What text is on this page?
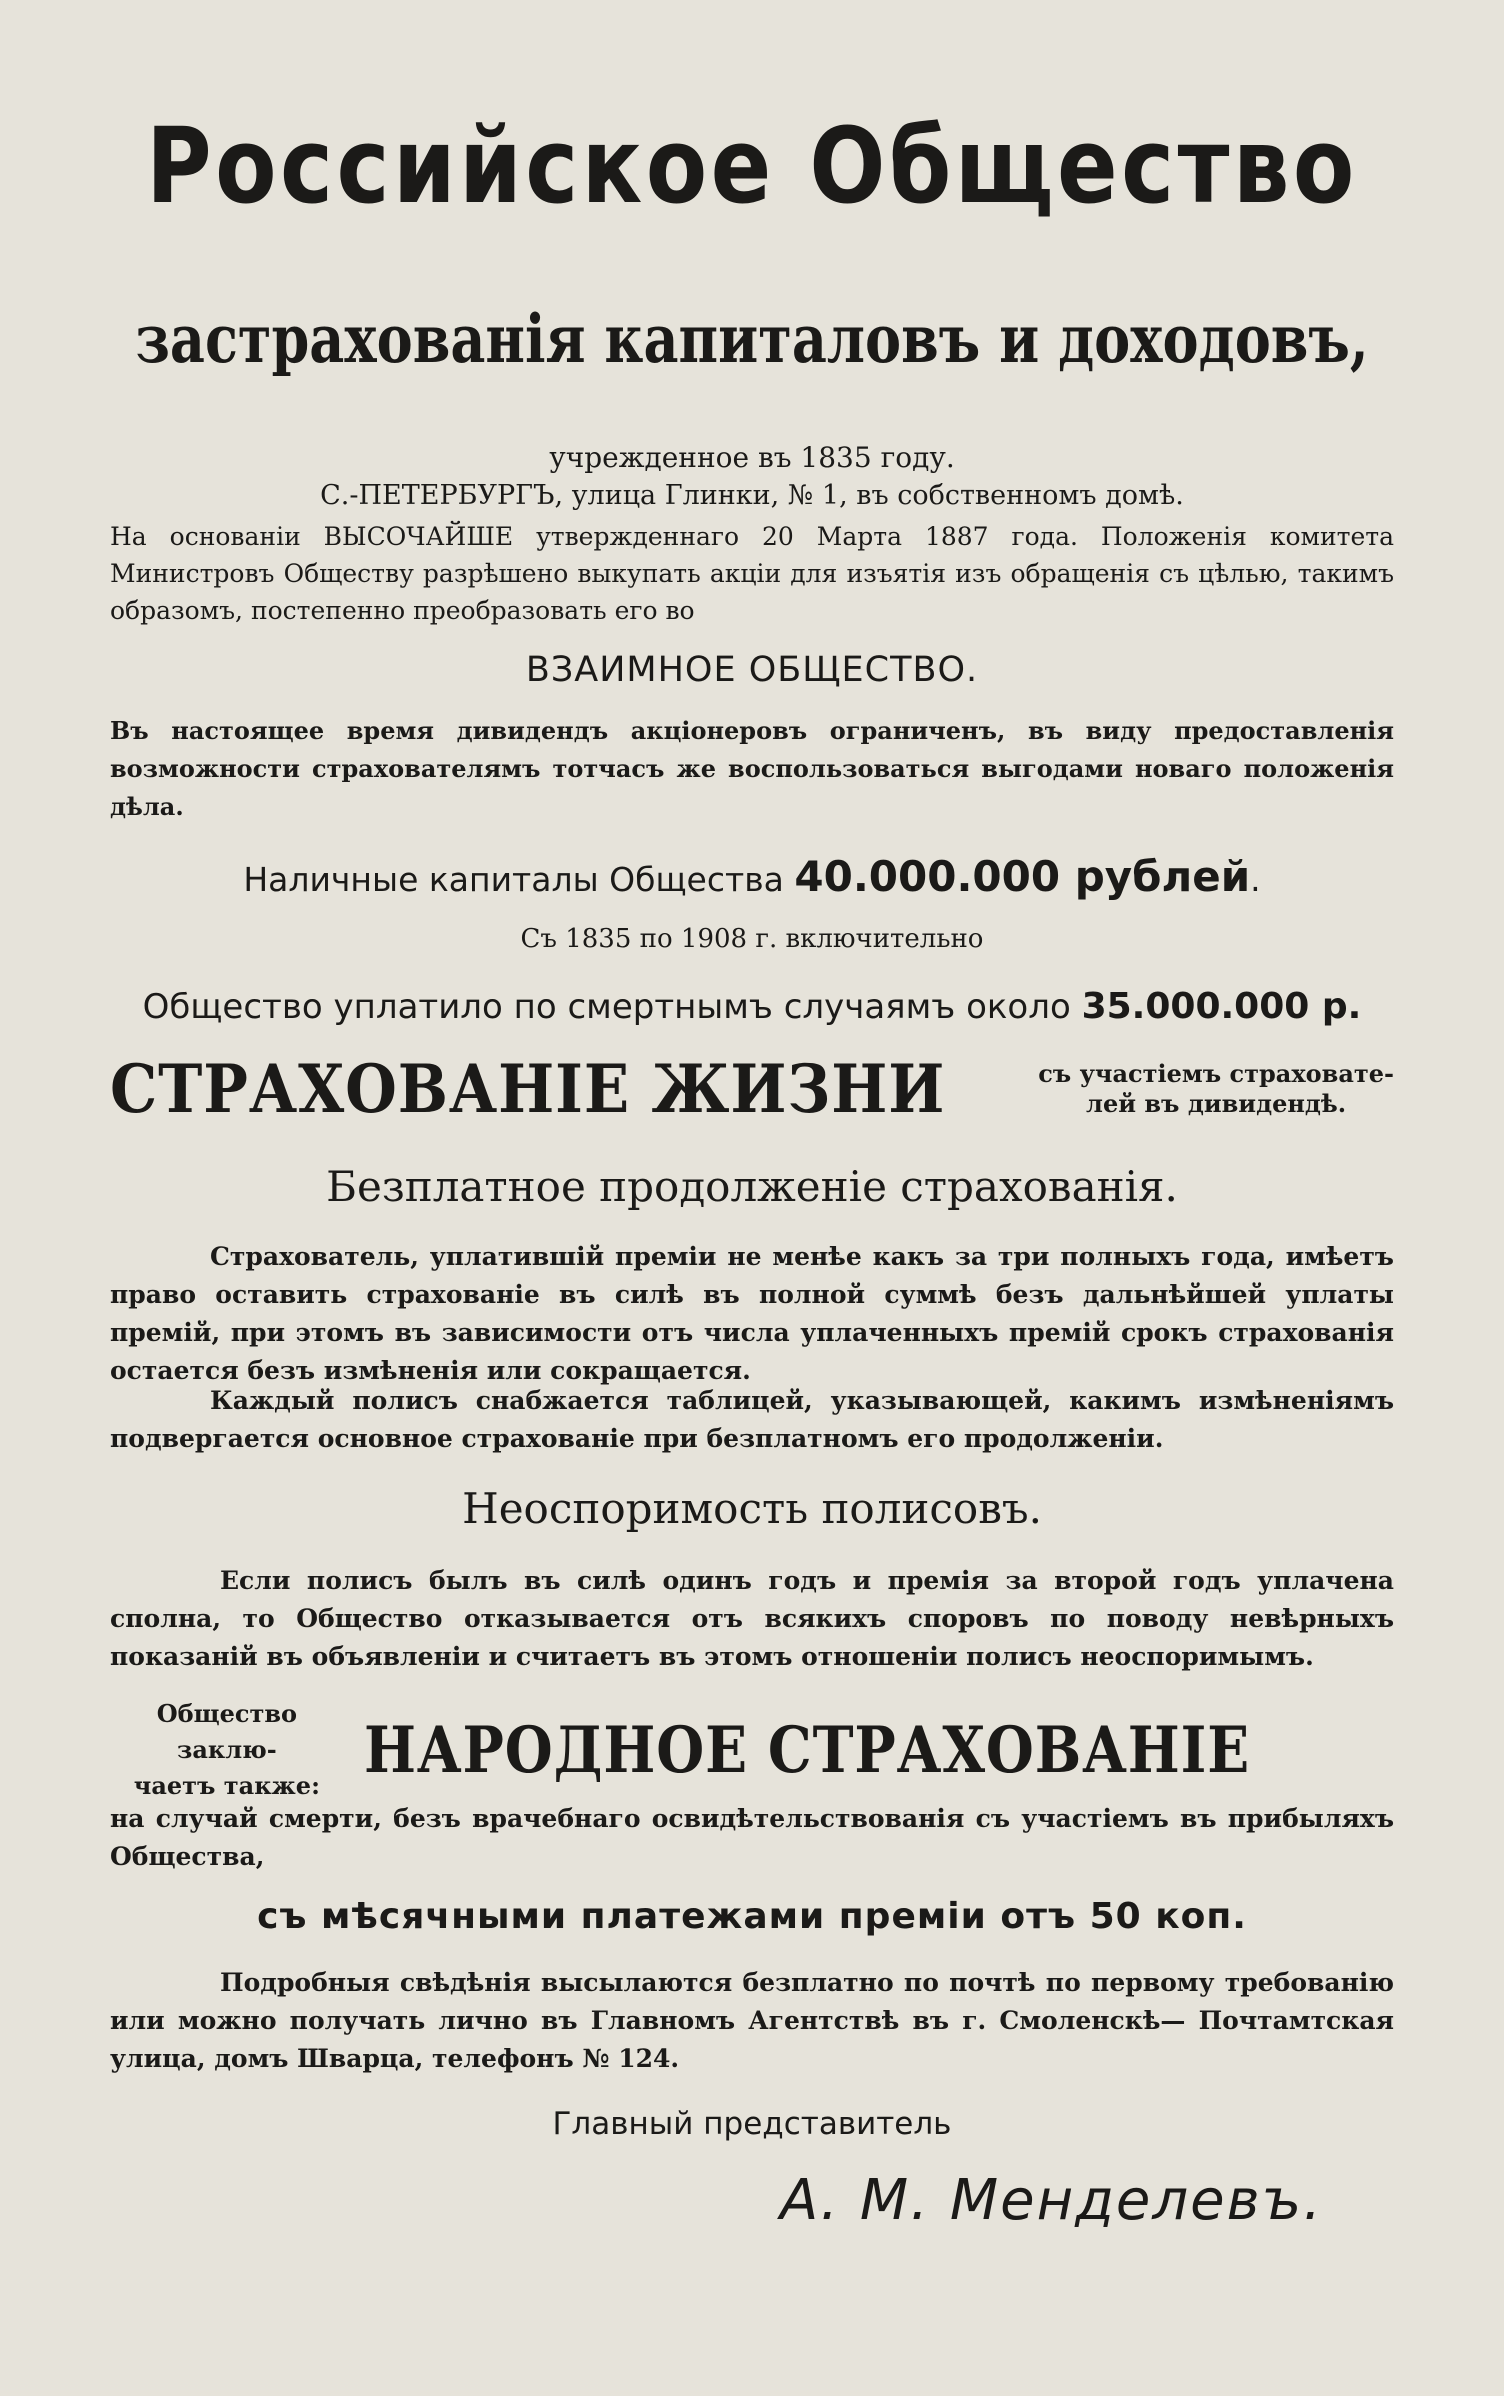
Российское Общество
застрахованія капиталовъ и доходовъ,
учрежденное въ 1835 году.
С.-ПЕТЕРБУРГЪ, улица Глинки, № 1, въ собственномъ домѣ.
На основаніи ВЫСОЧАЙШЕ утвержденнаго 20 Марта 1887 года. Положенія комитета Министровъ Обществу разрѣшено выкупать акціи для изъятія изъ обращенія съ цѣлью, такимъ образомъ, постепенно преобразовать его во
ВЗАИМНОЕ ОБЩЕСТВО.
Въ настоящее время дивидендъ акціонеровъ ограниченъ, въ виду предоставленія возможности страхователямъ тотчасъ же воспользоваться выгодами новаго положенія дѣла.
Наличные капиталы Общества 40.000.000 рублей.
Съ 1835 по 1908 г. включительно
Общество уплатило по смертнымъ случаямъ около 35.000.000 р.
СТРАХОВАНІЕ ЖИЗНИ	съ участіемъ страховате-
лей въ дивидендѣ.
Безплатное продолженіе страхованія.
Страхователь, уплатившій преміи не менѣе какъ за три полныхъ года, имѣетъ право оставить страхованіе въ силѣ въ полной суммѣ безъ дальнѣйшей уплаты премій, при этомъ въ зависимости отъ числа уплаченныхъ премій срокъ страхованія остается безъ измѣненія или сокращается.
Каждый полисъ снабжается таблицей, указывающей, какимъ измѣненіямъ подвергается основное страхованіе при безплатномъ его продолженіи.
Неоспоримость полисовъ.
Если полисъ былъ въ силѣ одинъ годъ и премія за второй годъ уплачена сполна, то Общество отказывается отъ всякихъ споровъ по поводу невѣрныхъ показаній въ объявленіи и считаетъ въ этомъ отношеніи полисъ неоспоримымъ.
Общество заклю-
чаетъ также: НАРОДНОЕ СТРАХОВАНІЕ
на случай смерти, безъ врачебнаго освидѣтельствованія съ участіемъ въ прибыляхъ Общества,
съ мѣсячными платежами преміи отъ 50 коп.
Подробныя свѣдѣнія высылаются безплатно по почтѣ по первому требованію или можно получать лично въ Главномъ Агентствѣ въ г. Смоленскѣ— Почтамтская улица, домъ Шварца, телефонъ № 124.
Главный представитель
А. М. Менделевъ.
